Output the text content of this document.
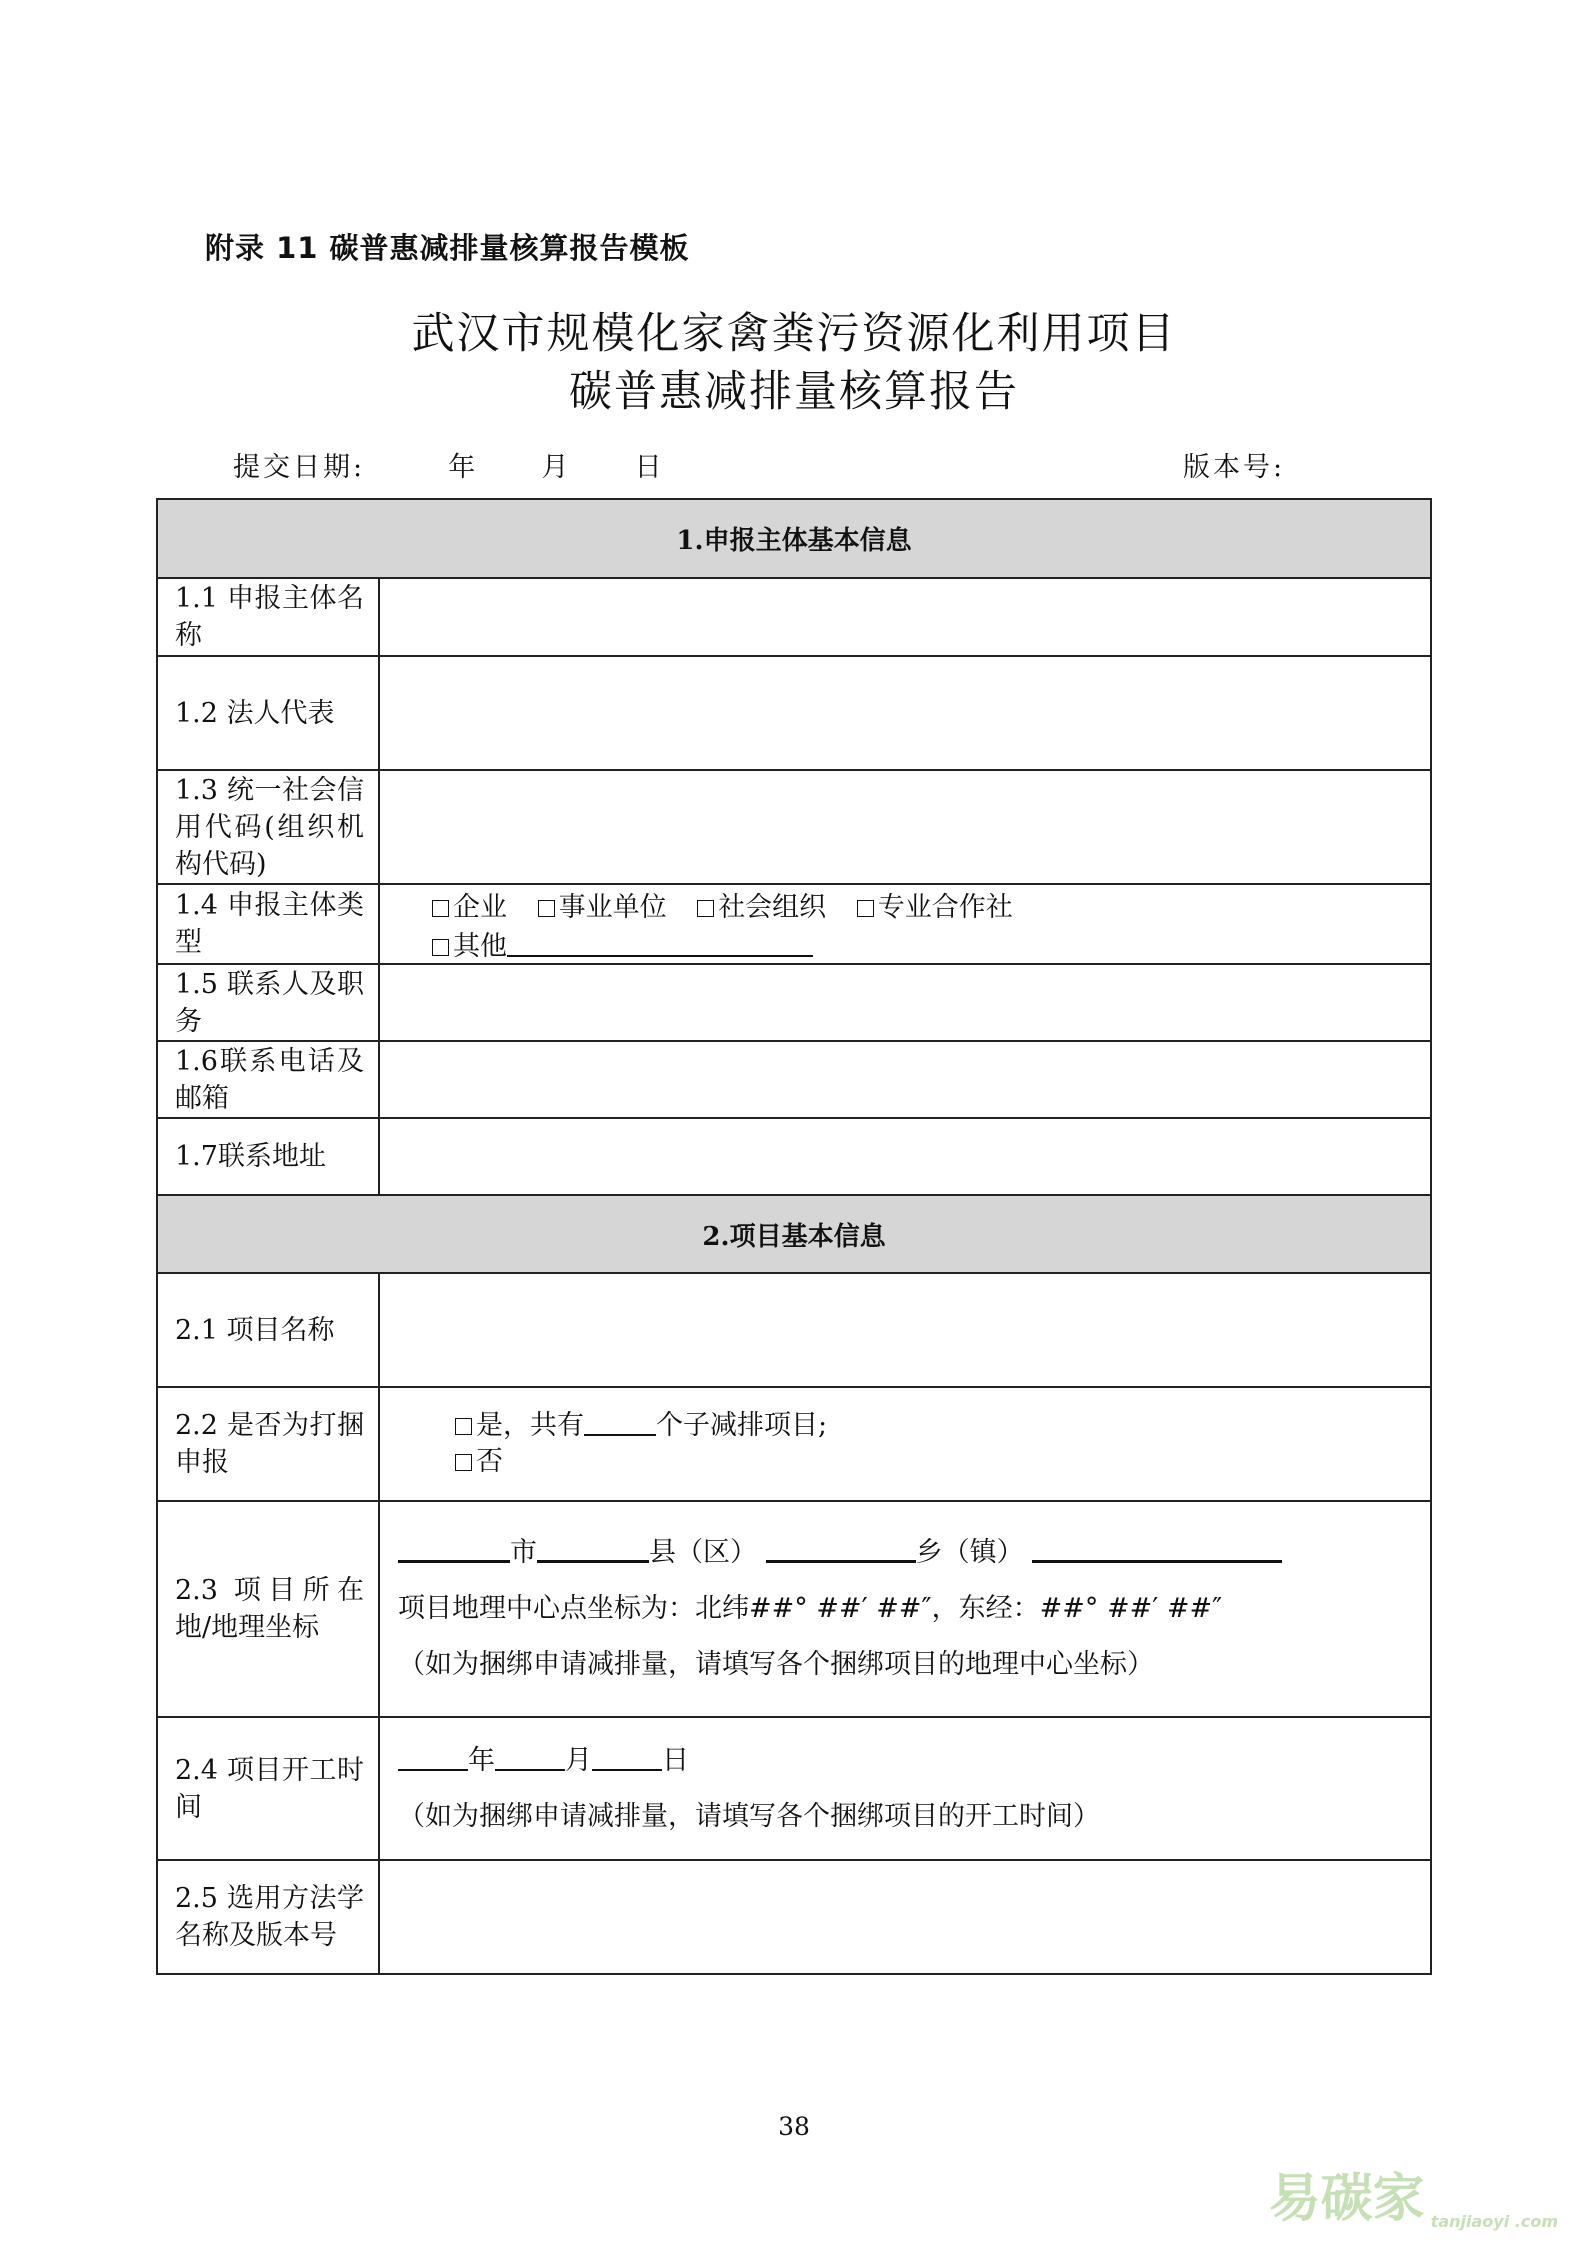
附录 11 碳普惠减排量核算报告模板
武汉市规模化家禽粪污资源化利用项目
碳普惠减排量核算报告
提交日期:	年 月 日	版本号:
1.申报主体基本信息	
1.1 申报主体名称	
1.2 法人代表	
1.3 统一社会信用代码(组织机构代码)	
1.4 申报主体类型	企业 事业单位 社会组织 专业合作社 其他
1.5 联系人及职务	
1.6联系电话及邮箱	
1.7联系地址	
2.项目基本信息	
2.1 项目名称	
2.2 是否为打捆申报	是，共有 个子减排项目;
否

2.3 项目所在地/地理坐标	市 县（区） 乡（镇）
项目地理中心点坐标为：北纬##° ##′ ##″，东经：##° ##′ ##″
（如为捆绑申请减排量，请填写各个捆绑项目的地理中心坐标）

2.4 项目开工时间	年 月 日
（如为捆绑申请减排量，请填写各个捆绑项目的开工时间）

2.5 选用方法学名称及版本号	
38
易碳家 tanjiaoyi .com
